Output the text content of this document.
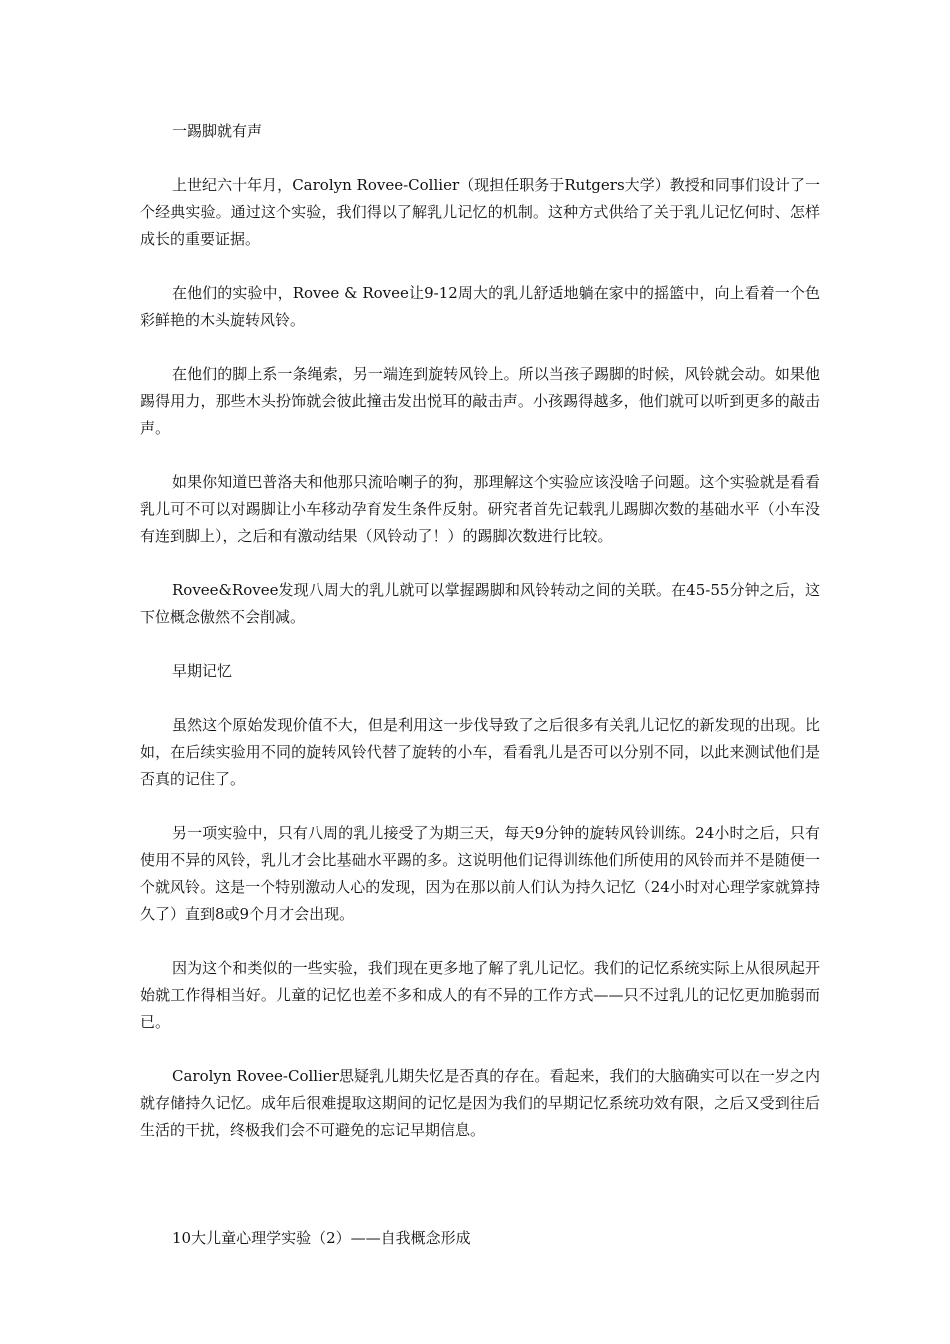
一踢脚就有声

上世纪六十年月，Carolyn Rovee-Collier（现担任职务于Rutgers大学）教授和同事们设计了一个经典实验。通过这个实验，我们得以了解乳儿记忆的机制。这种方式供给了关于乳儿记忆何时、怎样成长的重要证据。

在他们的实验中，Rovee & Rovee让9-12周大的乳儿舒适地躺在家中的摇篮中，向上看着一个色彩鲜艳的木头旋转风铃。

在他们的脚上系一条绳索，另一端连到旋转风铃上。所以当孩子踢脚的时候，风铃就会动。如果他踢得用力，那些木头扮饰就会彼此撞击发出悦耳的敲击声。小孩踢得越多，他们就可以听到更多的敲击声。

如果你知道巴普洛夫和他那只流哈喇子的狗，那理解这个实验应该没啥子问题。这个实验就是看看乳儿可不可以对踢脚让小车移动孕育发生条件反射。研究者首先记载乳儿踢脚次数的基础水平（小车没有连到脚上），之后和有激动结果（风铃动了！）的踢脚次数进行比较。

Rovee&Rovee发现八周大的乳儿就可以掌握踢脚和风铃转动之间的关联。在45-55分钟之后，这下位概念傲然不会削减。

早期记忆

虽然这个原始发现价值不大，但是利用这一步伐导致了之后很多有关乳儿记忆的新发现的出现。比如，在后续实验用不同的旋转风铃代替了旋转的小车，看看乳儿是否可以分别不同，以此来测试他们是否真的记住了。

另一项实验中，只有八周的乳儿接受了为期三天，每天9分钟的旋转风铃训练。24小时之后，只有使用不异的风铃，乳儿才会比基础水平踢的多。这说明他们记得训练他们所使用的风铃而并不是随便一个就风铃。这是一个特别激动人心的发现，因为在那以前人们认为持久记忆（24小时对心理学家就算持久了）直到8或9个月才会出现。

因为这个和类似的一些实验，我们现在更多地了解了乳儿记忆。我们的记忆系统实际上从很夙起开始就工作得相当好。儿童的记忆也差不多和成人的有不异的工作方式——只不过乳儿的记忆更加脆弱而已。

Carolyn Rovee-Collier思疑乳儿期失忆是否真的存在。看起来，我们的大脑确实可以在一岁之内就存储持久记忆。成年后很难提取这期间的记忆是因为我们的早期记忆系统功效有限，之后又受到往后生活的干扰，终极我们会不可避免的忘记早期信息。

10大儿童心理学实验（2）——自我概念形成
